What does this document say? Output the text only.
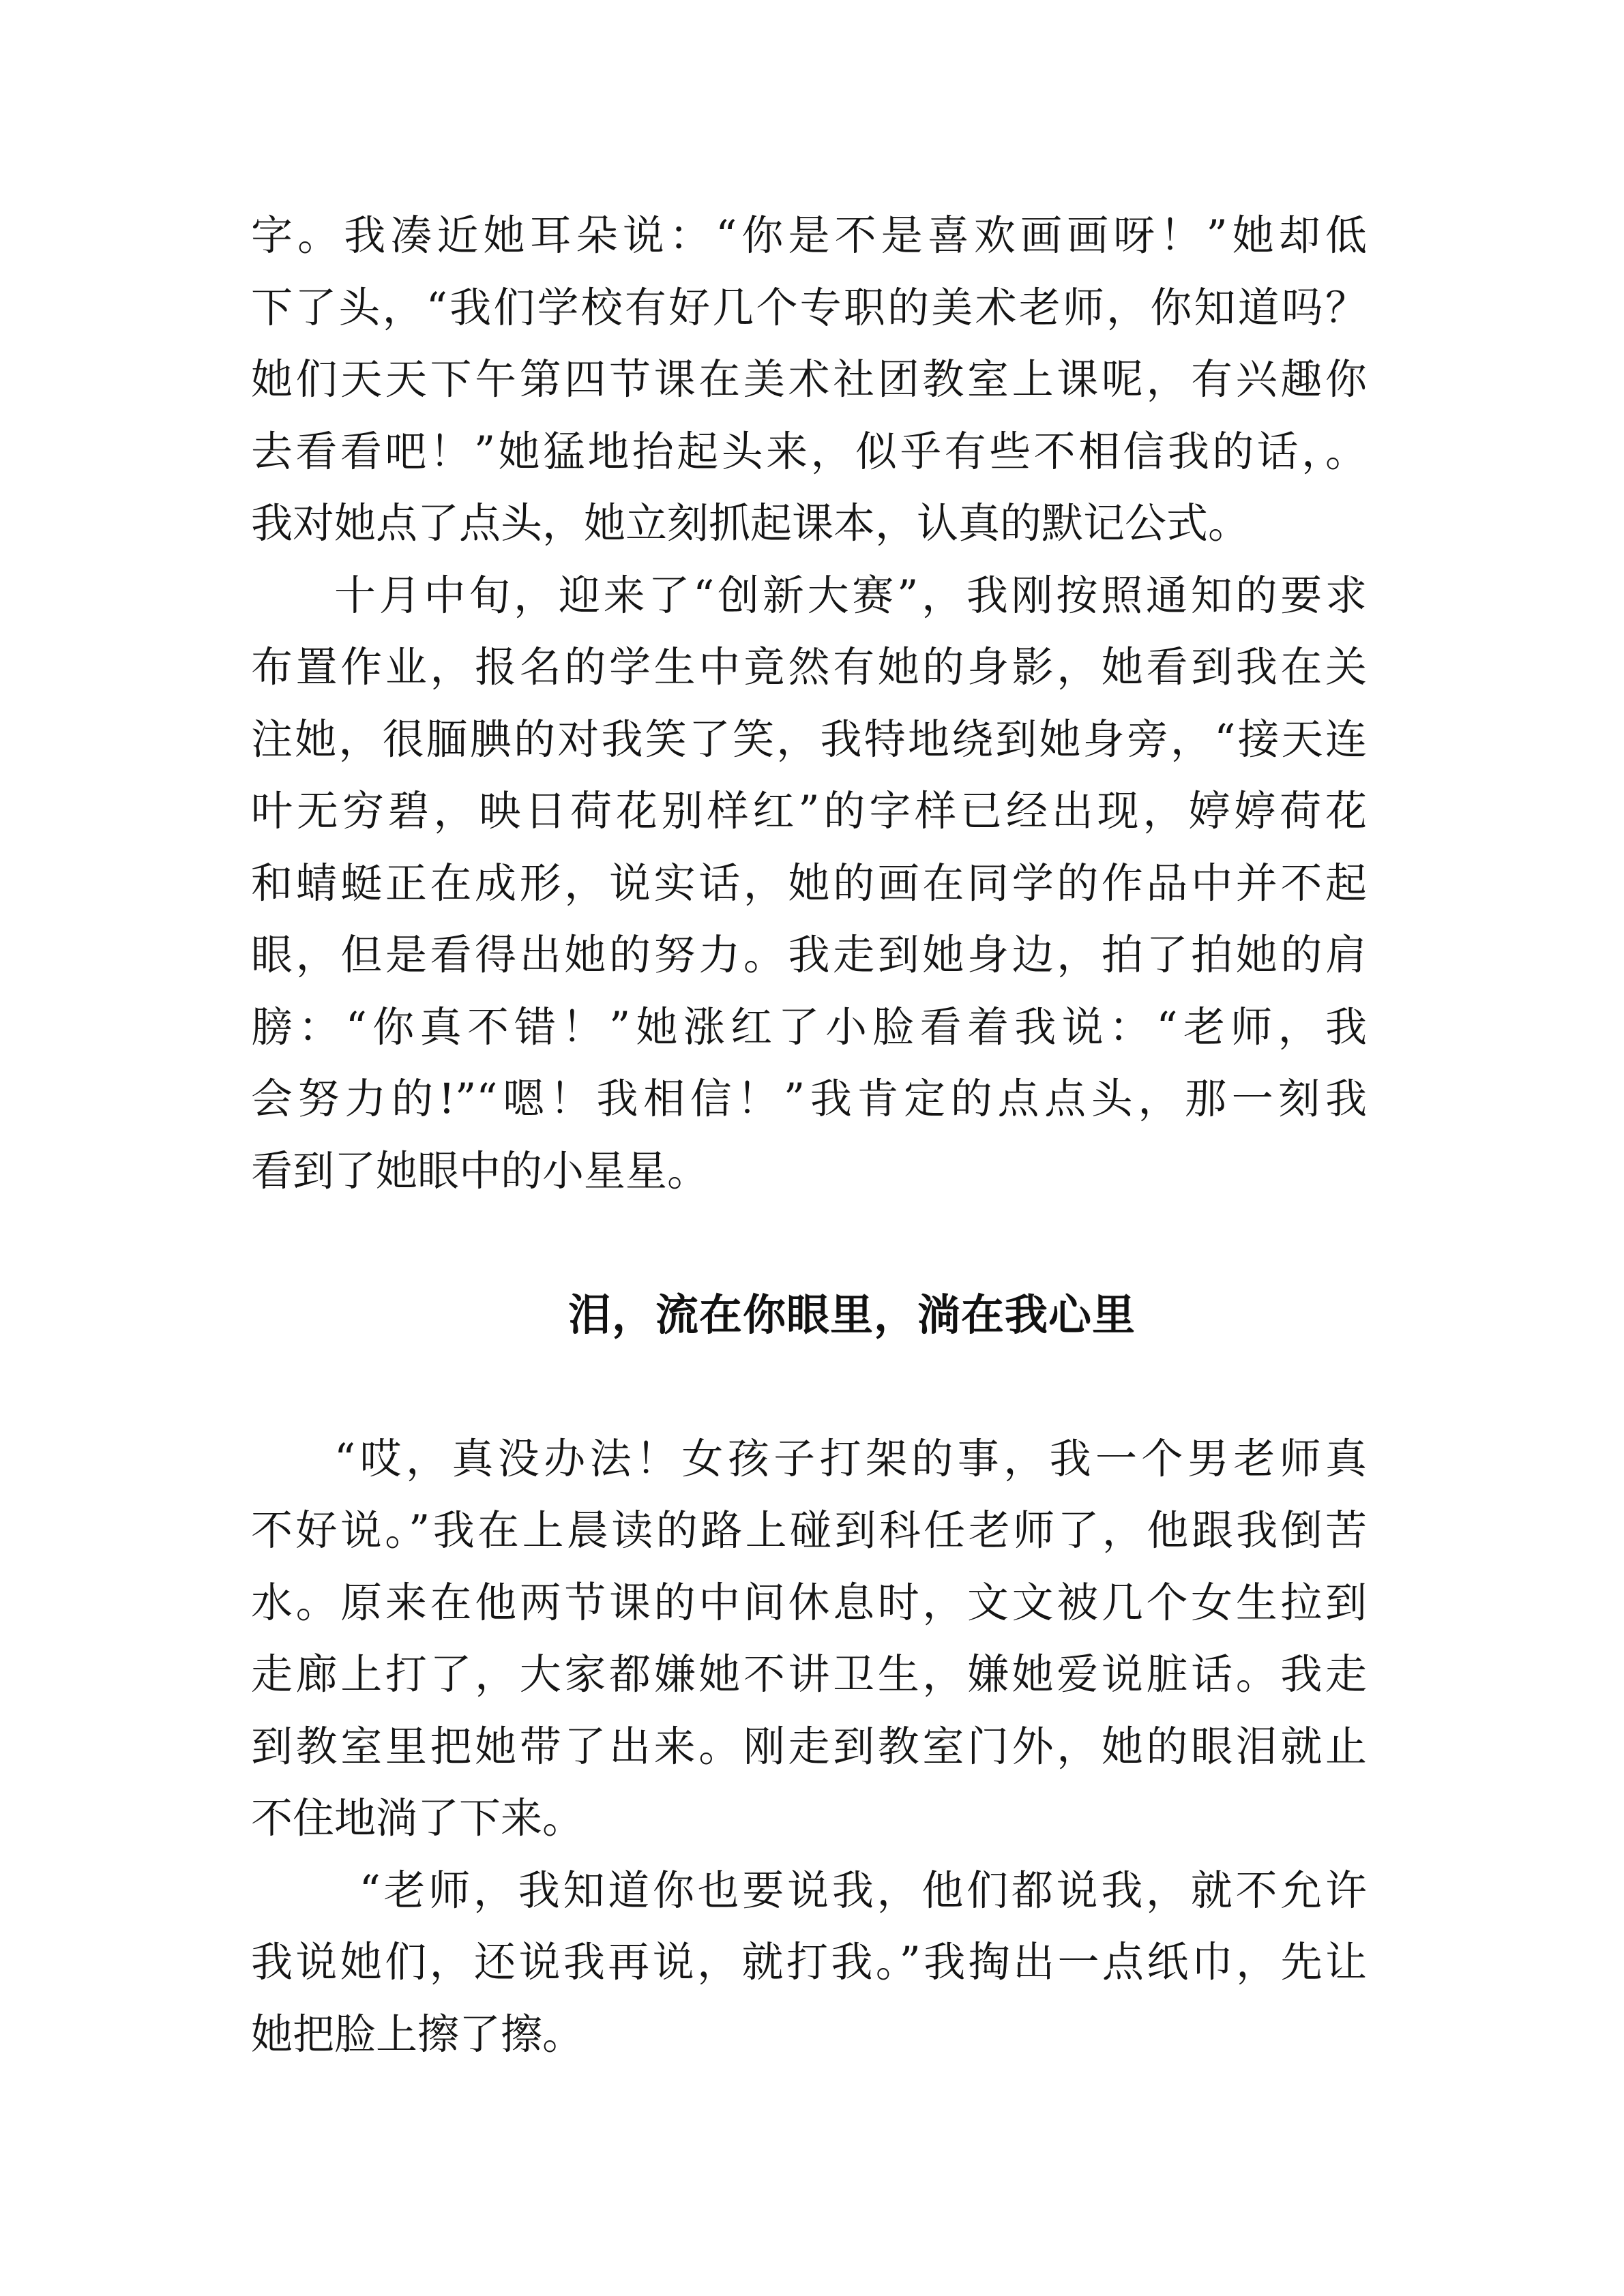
字。我凑近她耳朵说：“你是不是喜欢画画呀！”她却低
下了头，“我们学校有好几个专职的美术老师，你知道吗？
她们天天下午第四节课在美术社团教室上课呢，有兴趣你
去看看吧！”她猛地抬起头来，似乎有些不相信我的话，。
我对她点了点头，她立刻抓起课本，认真的默记公式。
十月中旬，迎来了“创新大赛”，我刚按照通知的要求
布置作业，报名的学生中竟然有她的身影，她看到我在关
注她，很腼腆的对我笑了笑，我特地绕到她身旁，“接天连
叶无穷碧，映日荷花别样红”的字样已经出现，婷婷荷花
和蜻蜓正在成形，说实话，她的画在同学的作品中并不起
眼，但是看得出她的努力。我走到她身边，拍了拍她的肩
膀：“你真不错！”她涨红了小脸看着我说：“老师，我
会努力的!”“嗯！我相信！”我肯定的点点头，那一刻我
看到了她眼中的小星星。
泪，流在你眼里，淌在我心里
“哎，真没办法！女孩子打架的事，我一个男老师真
不好说。”我在上晨读的路上碰到科任老师了，他跟我倒苦
水。原来在他两节课的中间休息时，文文被几个女生拉到
走廊上打了，大家都嫌她不讲卫生，嫌她爱说脏话。我走
到教室里把她带了出来。刚走到教室门外，她的眼泪就止
不住地淌了下来。
“老师，我知道你也要说我，他们都说我，就不允许
我说她们，还说我再说，就打我。”我掏出一点纸巾，先让
她把脸上擦了擦。
